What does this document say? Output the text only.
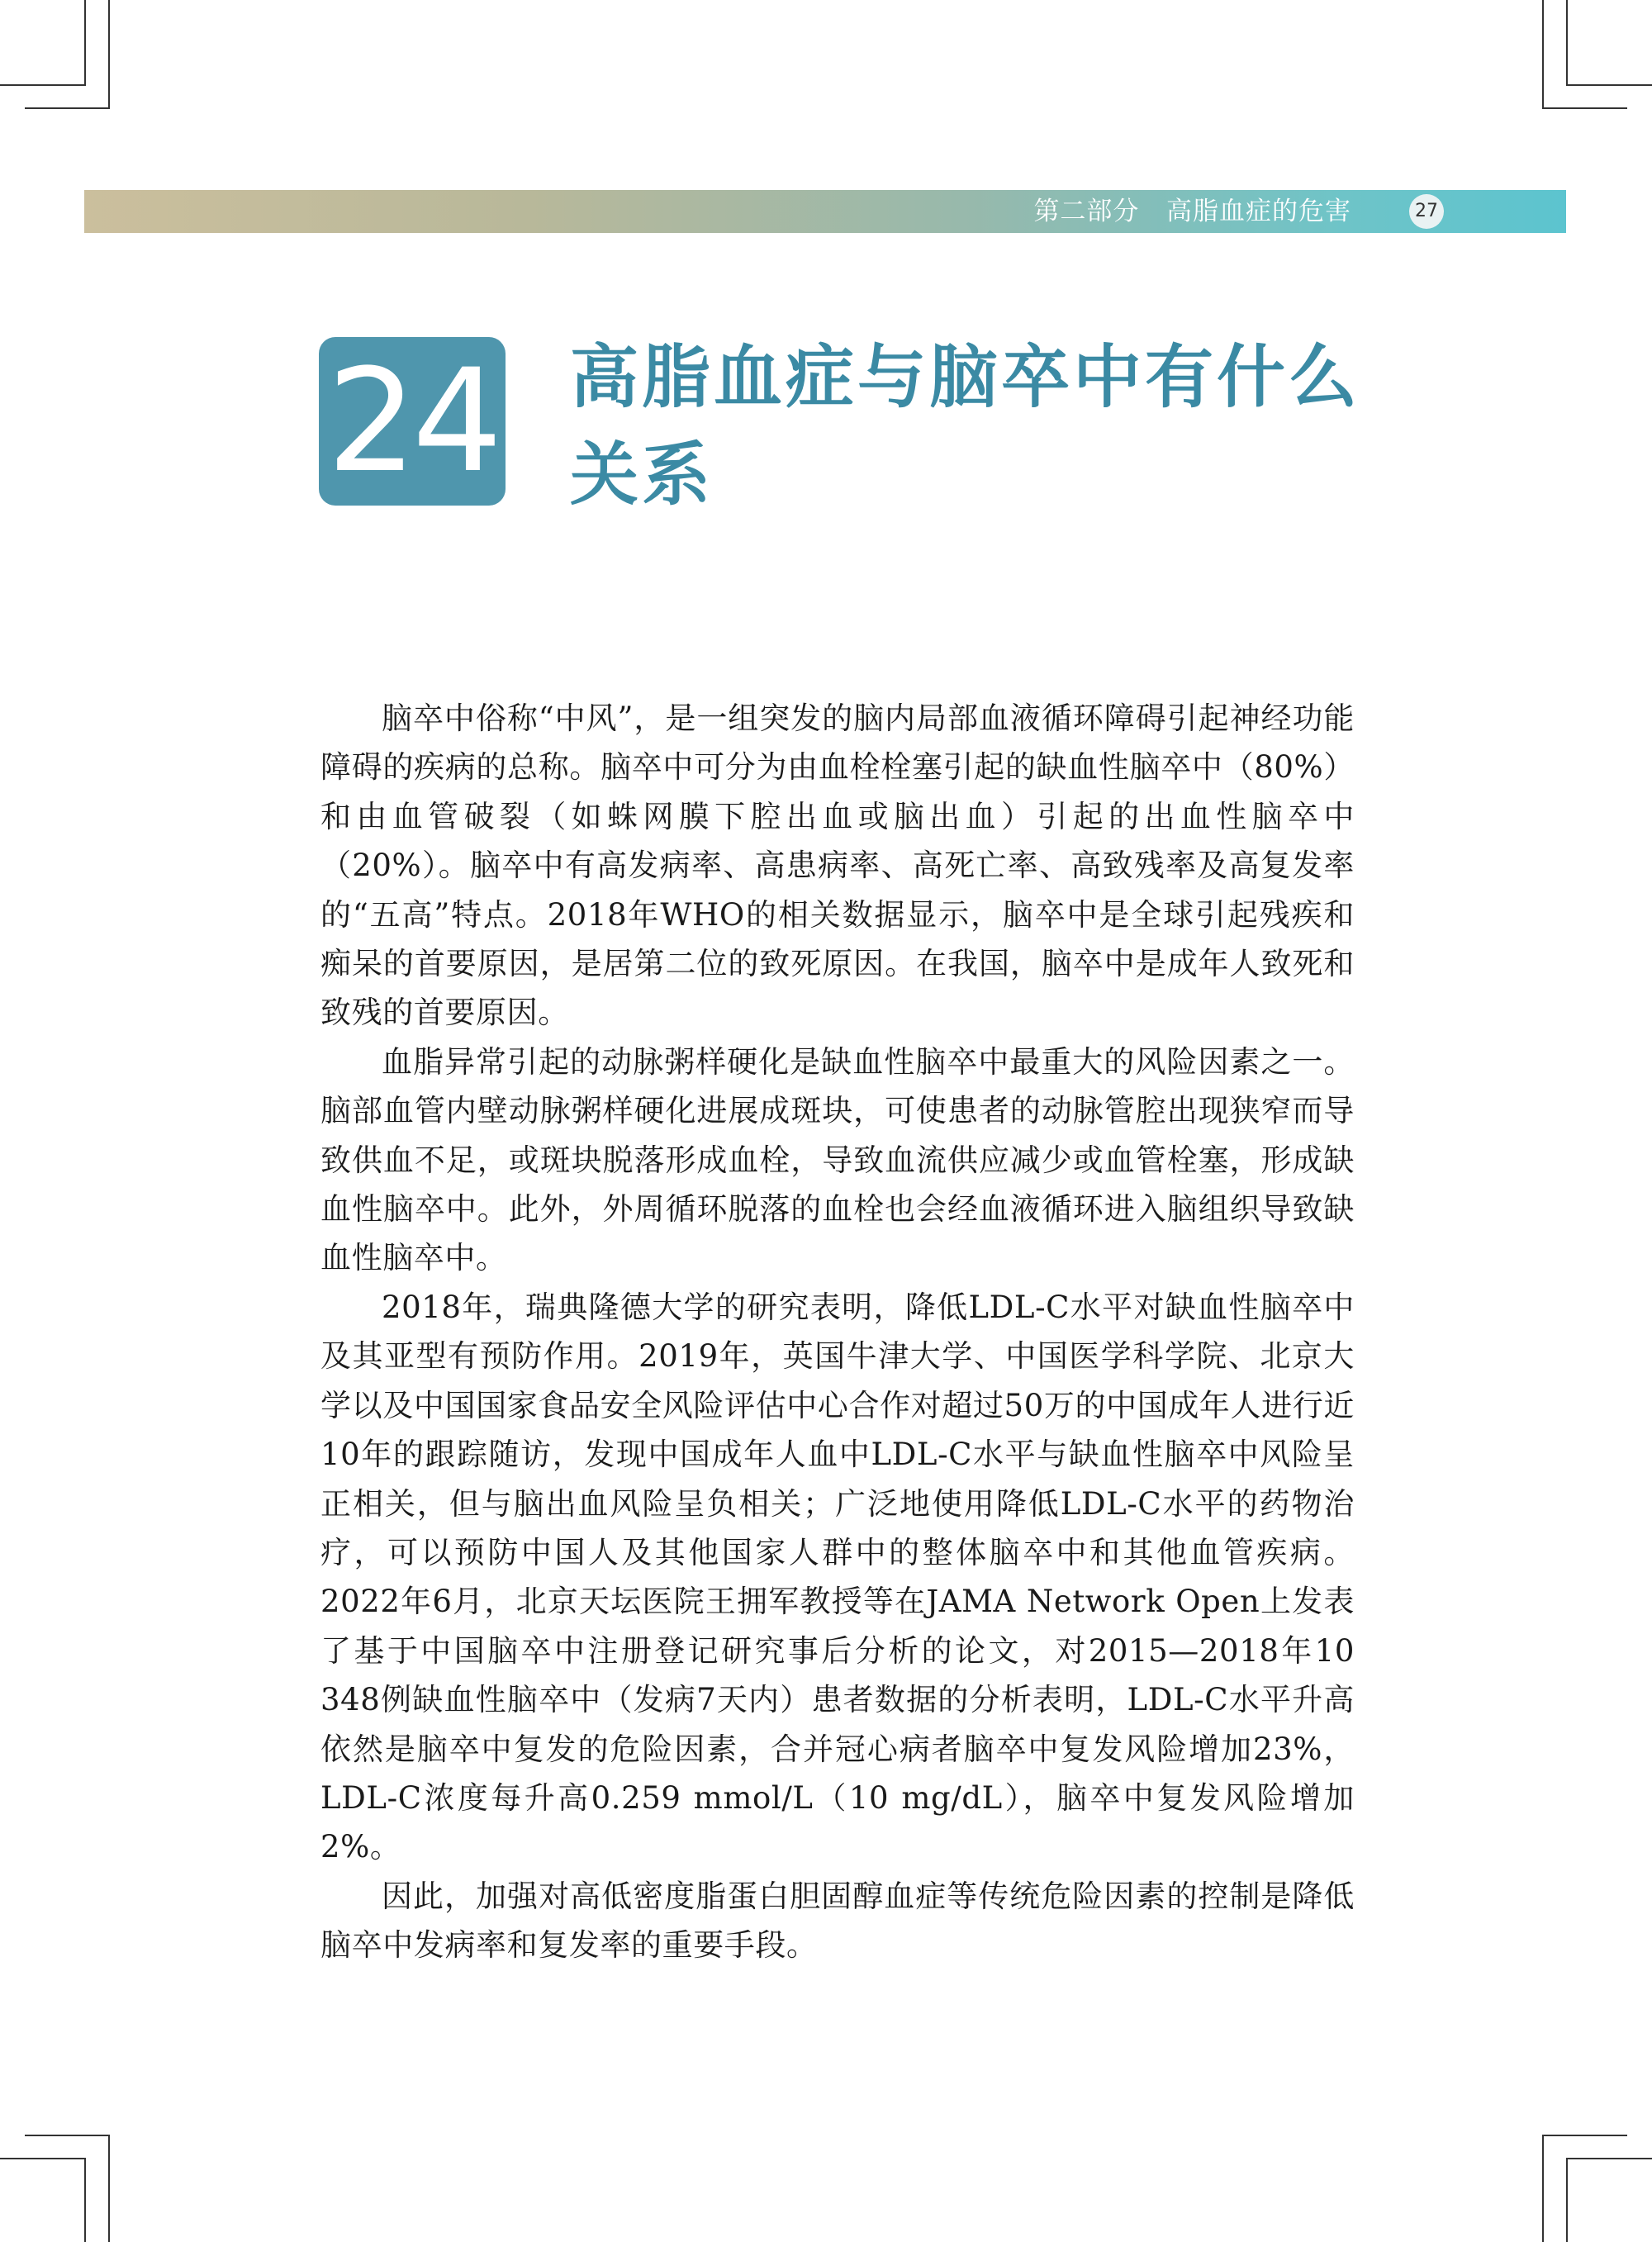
第二部分 高脂血症的危害	27
24 高脂血症与脑卒中有什么关系

脑卒中俗称“中风”，是一组突发的脑内局部血液循环障碍引起神经功能障碍的疾病的总称。脑卒中可分为由血栓栓塞引起的缺血性脑卒中（80%）和由血管破裂（如蛛网膜下腔出血或脑出血）引起的出血性脑卒中（20%）。脑卒中有高发病率、高患病率、高死亡率、高致残率及高复发率的“五高”特点。2018年WHO的相关数据显示，脑卒中是全球引起残疾和痴呆的首要原因，是居第二位的致死原因。在我国，脑卒中是成年人致死和致残的首要原因。

血脂异常引起的动脉粥样硬化是缺血性脑卒中最重大的风险因素之一。脑部血管内壁动脉粥样硬化进展成斑块，可使患者的动脉管腔出现狭窄而导致供血不足，或斑块脱落形成血栓，导致血流供应减少或血管栓塞，形成缺血性脑卒中。此外，外周循环脱落的血栓也会经血液循环进入脑组织导致缺血性脑卒中。

2018年，瑞典隆德大学的研究表明，降低LDL-C水平对缺血性脑卒中及其亚型有预防作用。2019年，英国牛津大学、中国医学科学院、北京大学以及中国国家食品安全风险评估中心合作对超过50万的中国成年人进行近10年的跟踪随访，发现中国成年人血中LDL-C水平与缺血性脑卒中风险呈正相关，但与脑出血风险呈负相关；广泛地使用降低LDL-C水平的药物治疗，可以预防中国人及其他国家人群中的整体脑卒中和其他血管疾病。2022年6月，北京天坛医院王拥军教授等在JAMA Network Open上发表了基于中国脑卒中注册登记研究事后分析的论文，对2015—2018年10 348例缺血性脑卒中（发病7天内）患者数据的分析表明，LDL-C水平升高依然是脑卒中复发的危险因素，合并冠心病者脑卒中复发风险增加23%，LDL-C浓度每升高0.259 mmol/L（10 mg/dL），脑卒中复发风险增加2%。

因此，加强对高低密度脂蛋白胆固醇血症等传统危险因素的控制是降低脑卒中发病率和复发率的重要手段。
